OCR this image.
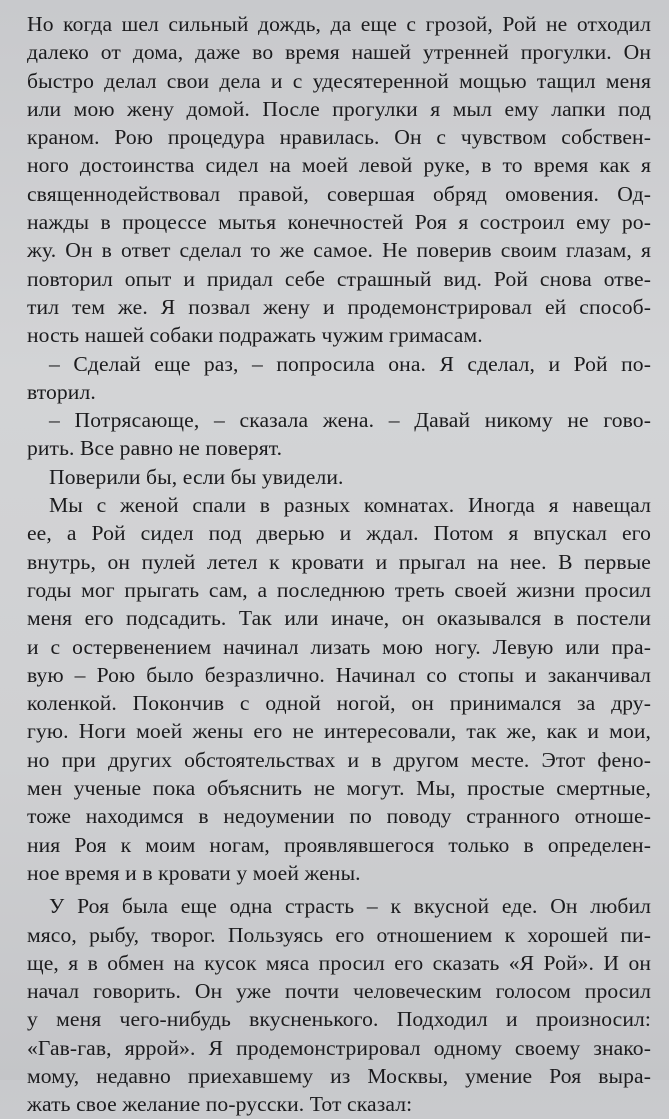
Но когда шел сильный дождь, да еще с грозой, Рой не отходил
далеко от дома, даже во время нашей утренней прогулки. Он
быстро делал свои дела и с удесятеренной мощью тащил меня
или мою жену домой. После прогулки я мыл ему лапки под
краном. Рою процедура нравилась. Он с чувством собствен-
ного достоинства сидел на моей левой руке, в то время как я
священнодействовал правой, совершая обряд омовения. Од-
нажды в процессе мытья конечностей Роя я состроил ему ро-
жу. Он в ответ сделал то же самое. Не поверив своим глазам, я
повторил опыт и придал себе страшный вид. Рой снова отве-
тил тем же. Я позвал жену и продемонстрировал ей способ-
ность нашей собаки подражать чужим гримасам.
– Сделай еще раз, – попросила она. Я сделал, и Рой по-
вторил.
– Потрясающе, – сказала жена. – Давай никому не гово-
рить. Все равно не поверят.
Поверили бы, если бы увидели.
Мы с женой спали в разных комнатах. Иногда я навещал
ее, а Рой сидел под дверью и ждал. Потом я впускал его
внутрь, он пулей летел к кровати и прыгал на нее. В первые
годы мог прыгать сам, а последнюю треть своей жизни просил
меня его подсадить. Так или иначе, он оказывался в постели
и с остервенением начинал лизать мою ногу. Левую или пра-
вую – Рою было безразлично. Начинал со стопы и заканчивал
коленкой. Покончив с одной ногой, он принимался за дру-
гую. Ноги моей жены его не интересовали, так же, как и мои,
но при других обстоятельствах и в другом месте. Этот фено-
мен ученые пока объяснить не могут. Мы, простые смертные,
тоже находимся в недоумении по поводу странного отноше-
ния Роя к моим ногам, проявлявшегося только в определен-
ное время и в кровати у моей жены.
У Роя была еще одна страсть – к вкусной еде. Он любил
мясо, рыбу, творог. Пользуясь его отношением к хорошей пи-
ще, я в обмен на кусок мяса просил его сказать «Я Рой». И он
начал говорить. Он уже почти человеческим голосом просил
у меня чего-нибудь вкусненького. Подходил и произносил:
«Гав-гав, яррой». Я продемонстрировал одному своему знако-
мому, недавно приехавшему из Москвы, умение Роя выра-
жать свое желание по-русски. Тот сказал:
